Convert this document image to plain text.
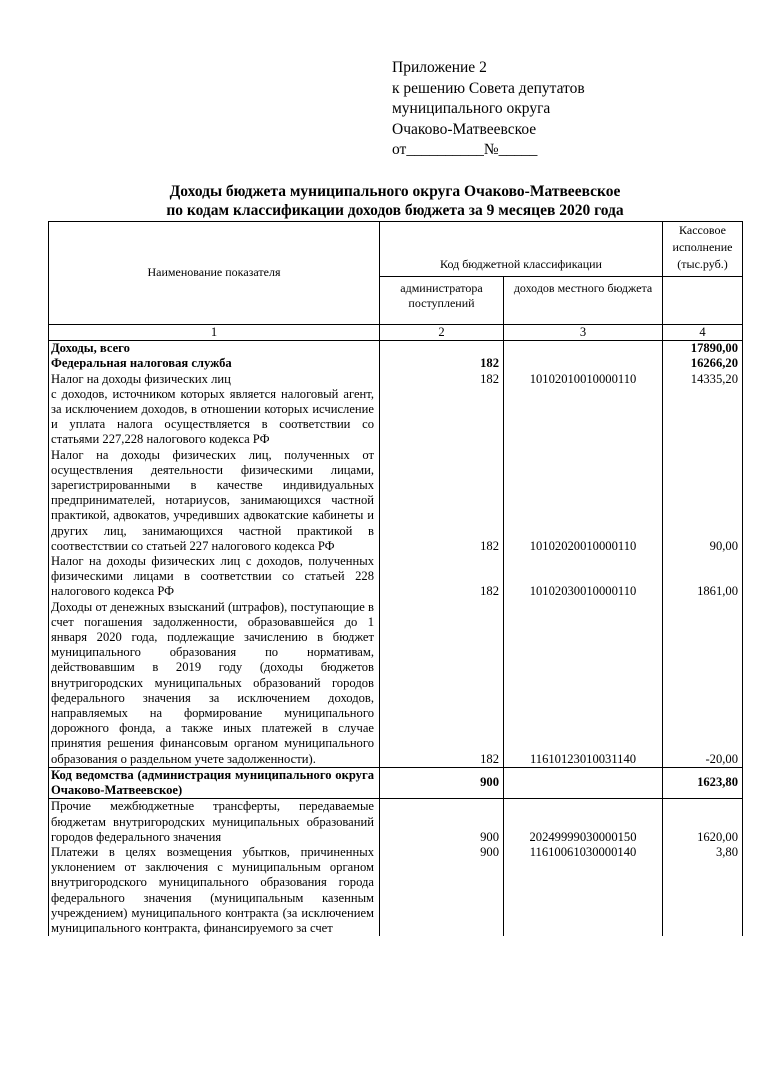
Приложение 2
к решению Совета депутатов
муниципального округа
Очаково-Матвеевское
от__________№_____
Доходы бюджета муниципального округа Очаково-Матвеевское
по кодам классификации доходов бюджета за 9 месяцев 2020 года
Наименование показателя	Код бюджетной классификации		Кассовое исполнение (тыс.руб.)
	администратора поступлений	доходов местного бюджета	
1	2	3	4
Доходы, всего			17890,00
Федеральная налоговая служба	182		16266,20
Налог на доходы физических лиц	182	10102010010000110	14335,20
с доходов, источником которых является налоговый агент, за исключением доходов, в отношении которых исчисление и уплата налога осуществляется в соответствии со статьями 227,228 налогового кодекса РФ			
Налог на доходы физических лиц, полученных от осуществления деятельности физическими лицами, зарегистрированными в качестве индивидуальных предпринимателей, нотариусов, занимающихся частной практикой, адвокатов, учредивших адвокатские кабинеты и других лиц, занимающихся частной практикой в соотвестствии со статьей 227 налогового кодекса РФ	182	10102020010000110	90,00
Налог на доходы физических лиц с доходов, полученных физическими лицами в соответствии со статьей 228 налогового кодекса РФ	182	10102030010000110	1861,00
Доходы от денежных взысканий (штрафов), поступающие в счет погашения задолженности, образовавшейся до 1 января 2020 года, подлежащие зачислению в бюджет муниципального образования по нормативам, действовавшим в 2019 году (доходы бюджетов внутригородских муниципальных образований городов федерального значения за исключением доходов, направляемых на формирование муниципального дорожного фонда, а также иных платежей в случае принятия решения финансовым органом муниципального образования о раздельном учете задолженности).	182	11610123010031140	-20,00
Код ведомства (администрация муниципального округа Очаково-Матвеевское)	900		1623,80
Прочие межбюджетные трансферты, передаваемые бюджетам внутригородских муниципальных образований городов федерального значения	900	20249999030000150	1620,00
Платежи в целях возмещения убытков, причиненных уклонением от заключения с муниципальным органом внутригородского муниципального образования города федерального значения (муниципальным казенным учреждением) муниципального контракта (за исключением муниципального контракта, финансируемого за счет	900	11610061030000140	3,80
